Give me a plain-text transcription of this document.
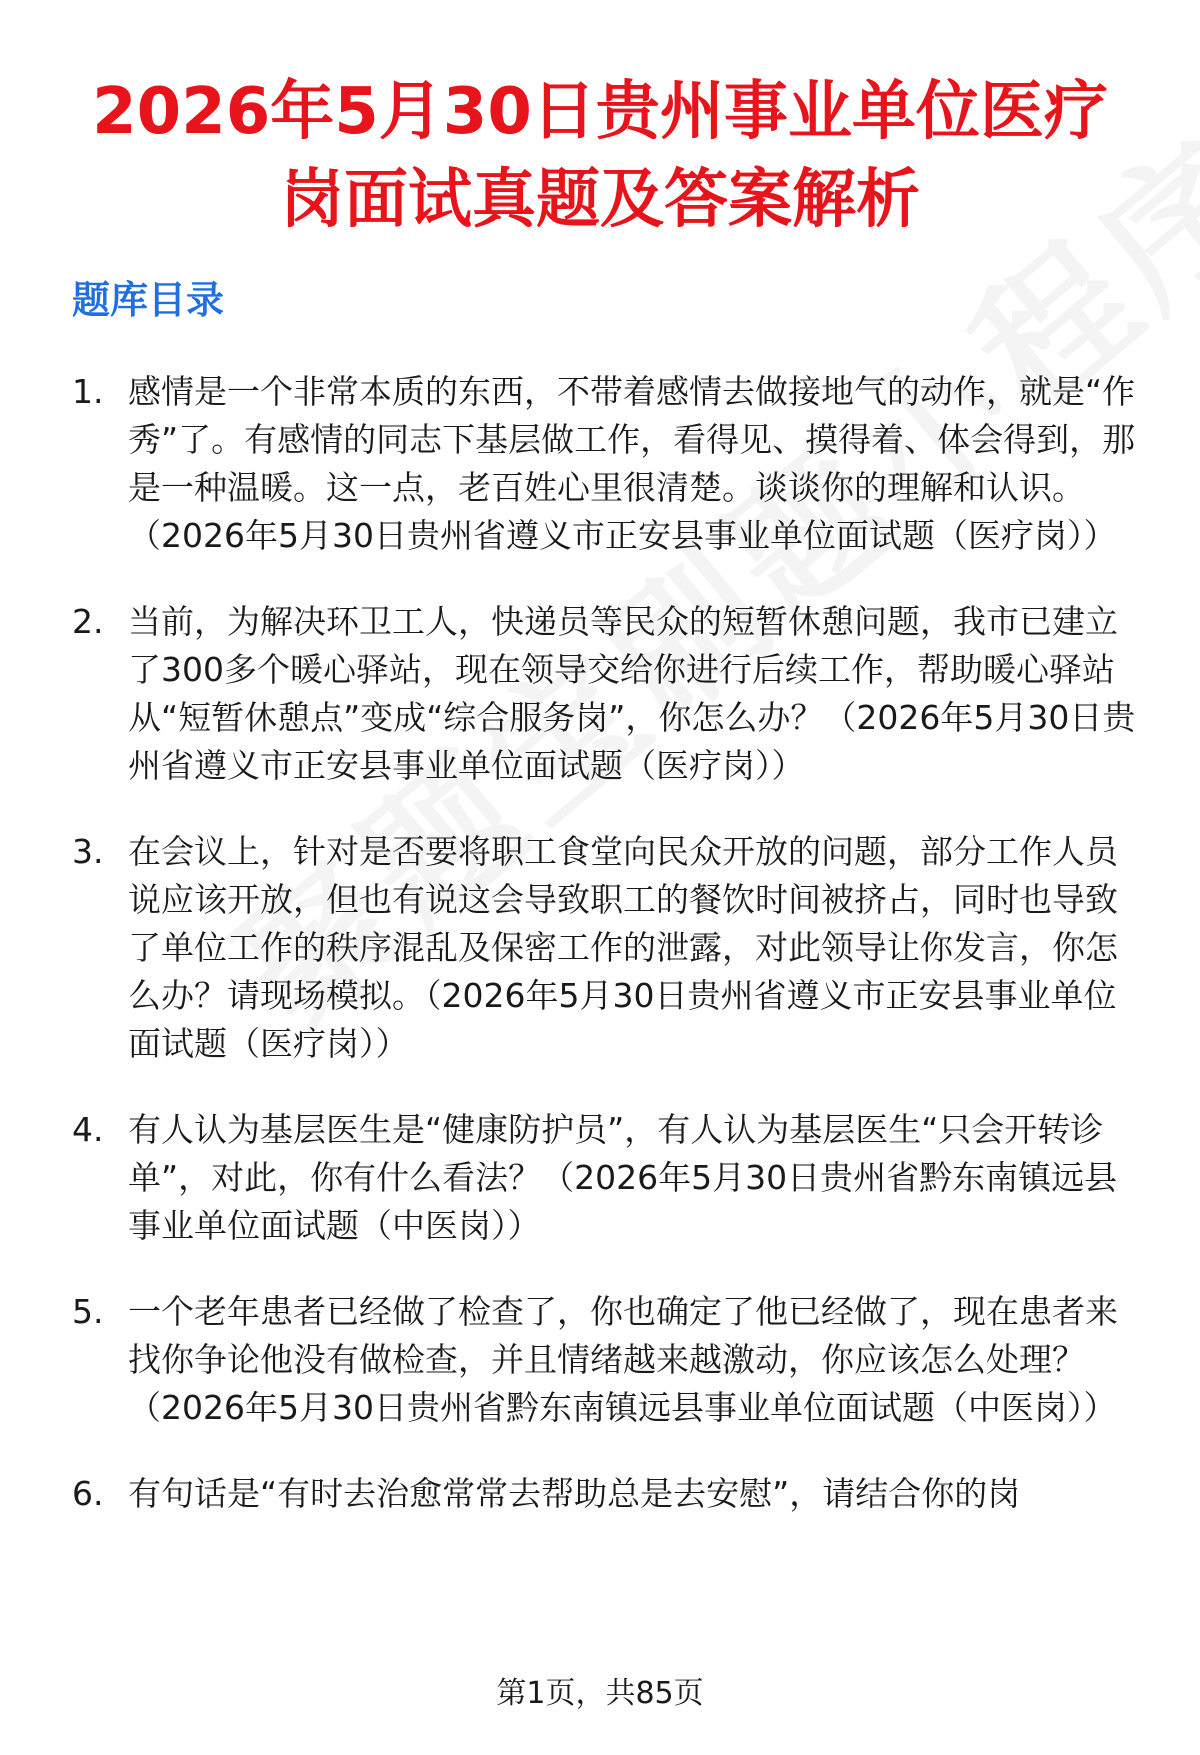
2026年5月30日贵州事业单位医疗
岗面试真题及答案解析
题库目录
1. 感情是一个非常本质的东西，不带着感情去做接地气的动作，就是“作秀”了。有感情的同志下基层做工作，看得见、摸得着、体会得到，那是一种温暖。这一点，老百姓心里很清楚。谈谈你的理解和认识。（2026年5月30日贵州省遵义市正安县事业单位面试题（医疗岗））
2. 当前，为解决环卫工人，快递员等民众的短暂休憩问题，我市已建立了300多个暖心驿站，现在领导交给你进行后续工作，帮助暖心驿站从“短暂休憩点”变成“综合服务岗”，你怎么办？（2026年5月30日贵州省遵义市正安县事业单位面试题（医疗岗））
3. 在会议上，针对是否要将职工食堂向民众开放的问题，部分工作人员说应该开放，但也有说这会导致职工的餐饮时间被挤占，同时也导致了单位工作的秩序混乱及保密工作的泄露，对此领导让你发言，你怎么办？请现场模拟。（2026年5月30日贵州省遵义市正安县事业单位面试题（医疗岗））
4. 有人认为基层医生是“健康防护员”，有人认为基层医生“只会开转诊单”，对此，你有什么看法？（2026年5月30日贵州省黔东南镇远县事业单位面试题（中医岗））
5. 一个老年患者已经做了检查了，你也确定了他已经做了，现在患者来找你争论他没有做检查，并且情绪越来越激动，你应该怎么处理？（2026年5月30日贵州省黔东南镇远县事业单位面试题（中医岗））
6. 有句话是“有时去治愈常常去帮助总是去安慰”，请结合你的岗
第1页，共85页
